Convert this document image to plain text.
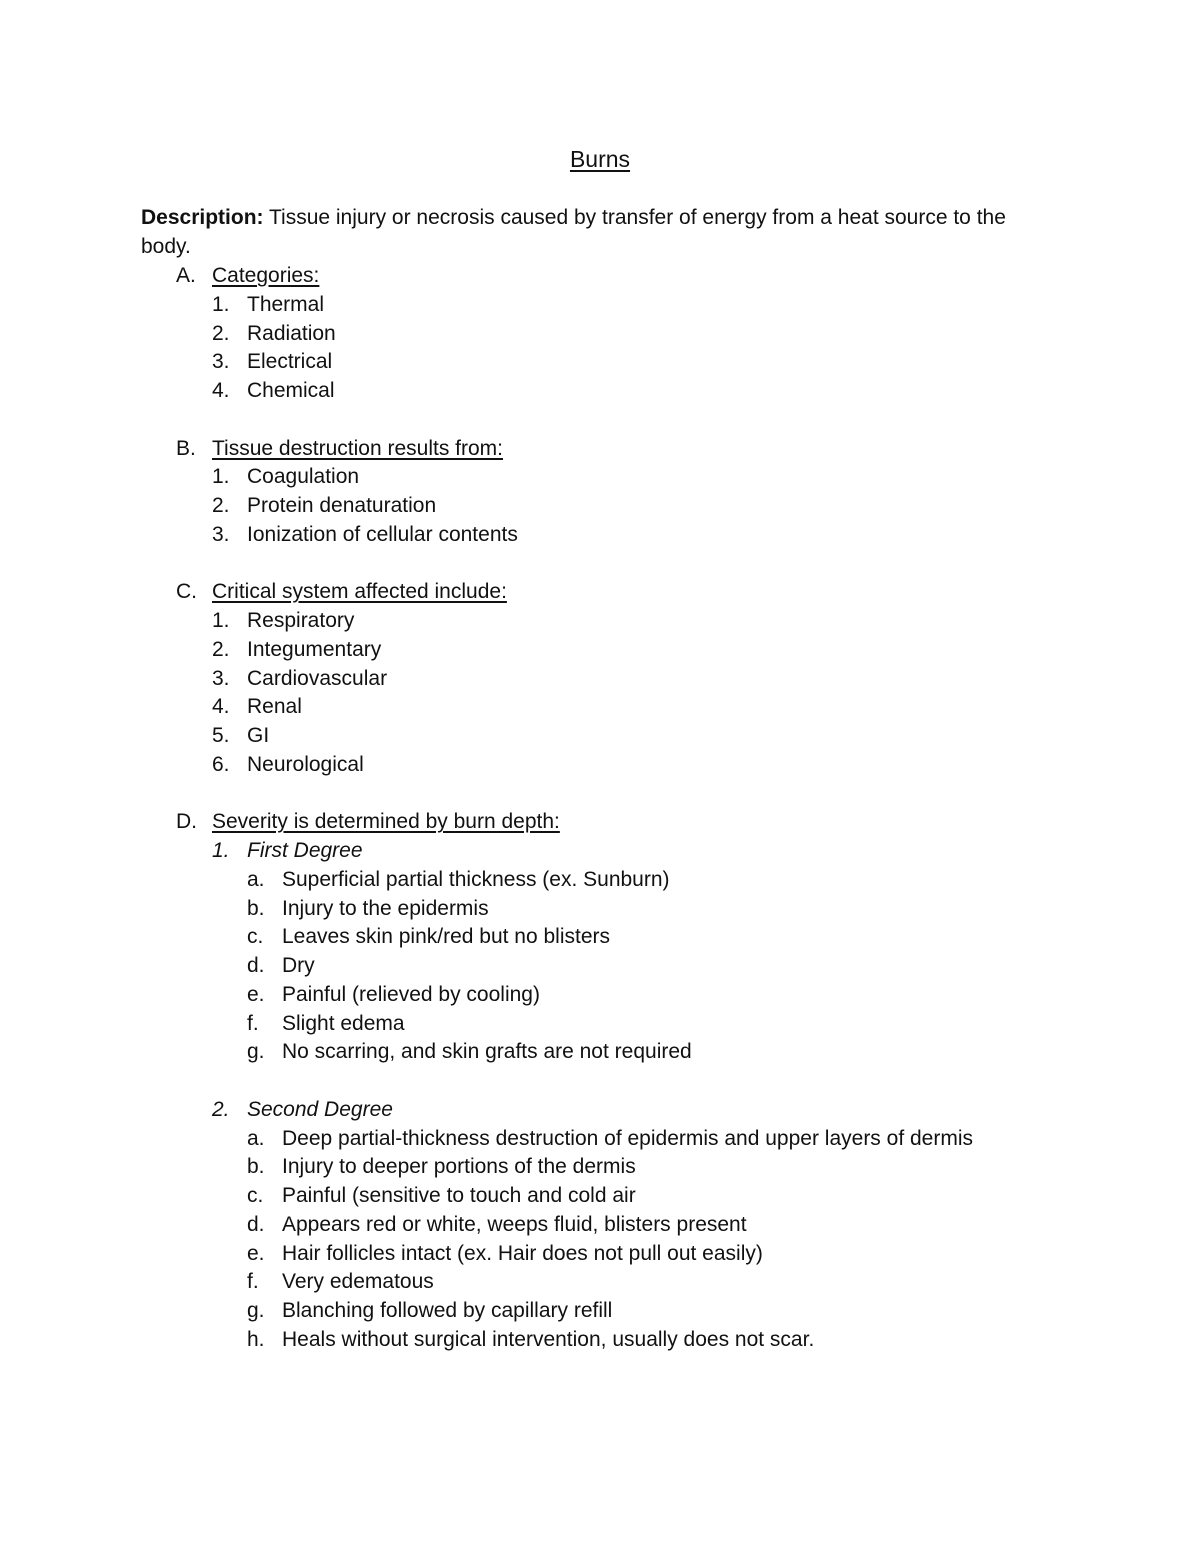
Burns
Description: Tissue injury or necrosis caused by transfer of energy from a heat source to the body.
A. Categories:
1. Thermal
2. Radiation
3. Electrical
4. Chemical
B. Tissue destruction results from:
1. Coagulation
2. Protein denaturation
3. Ionization of cellular contents
C. Critical system affected include:
1. Respiratory
2. Integumentary
3. Cardiovascular
4. Renal
5. GI
6. Neurological
D. Severity is determined by burn depth:
1. First Degree
a. Superficial partial thickness (ex. Sunburn)
b. Injury to the epidermis
c. Leaves skin pink/red but no blisters
d. Dry
e. Painful (relieved by cooling)
f. Slight edema
g. No scarring, and skin grafts are not required
2. Second Degree
a. Deep partial-thickness destruction of epidermis and upper layers of dermis
b. Injury to deeper portions of the dermis
c. Painful (sensitive to touch and cold air
d. Appears red or white, weeps fluid, blisters present
e. Hair follicles intact (ex. Hair does not pull out easily)
f. Very edematous
g. Blanching followed by capillary refill
h. Heals without surgical intervention, usually does not scar.
